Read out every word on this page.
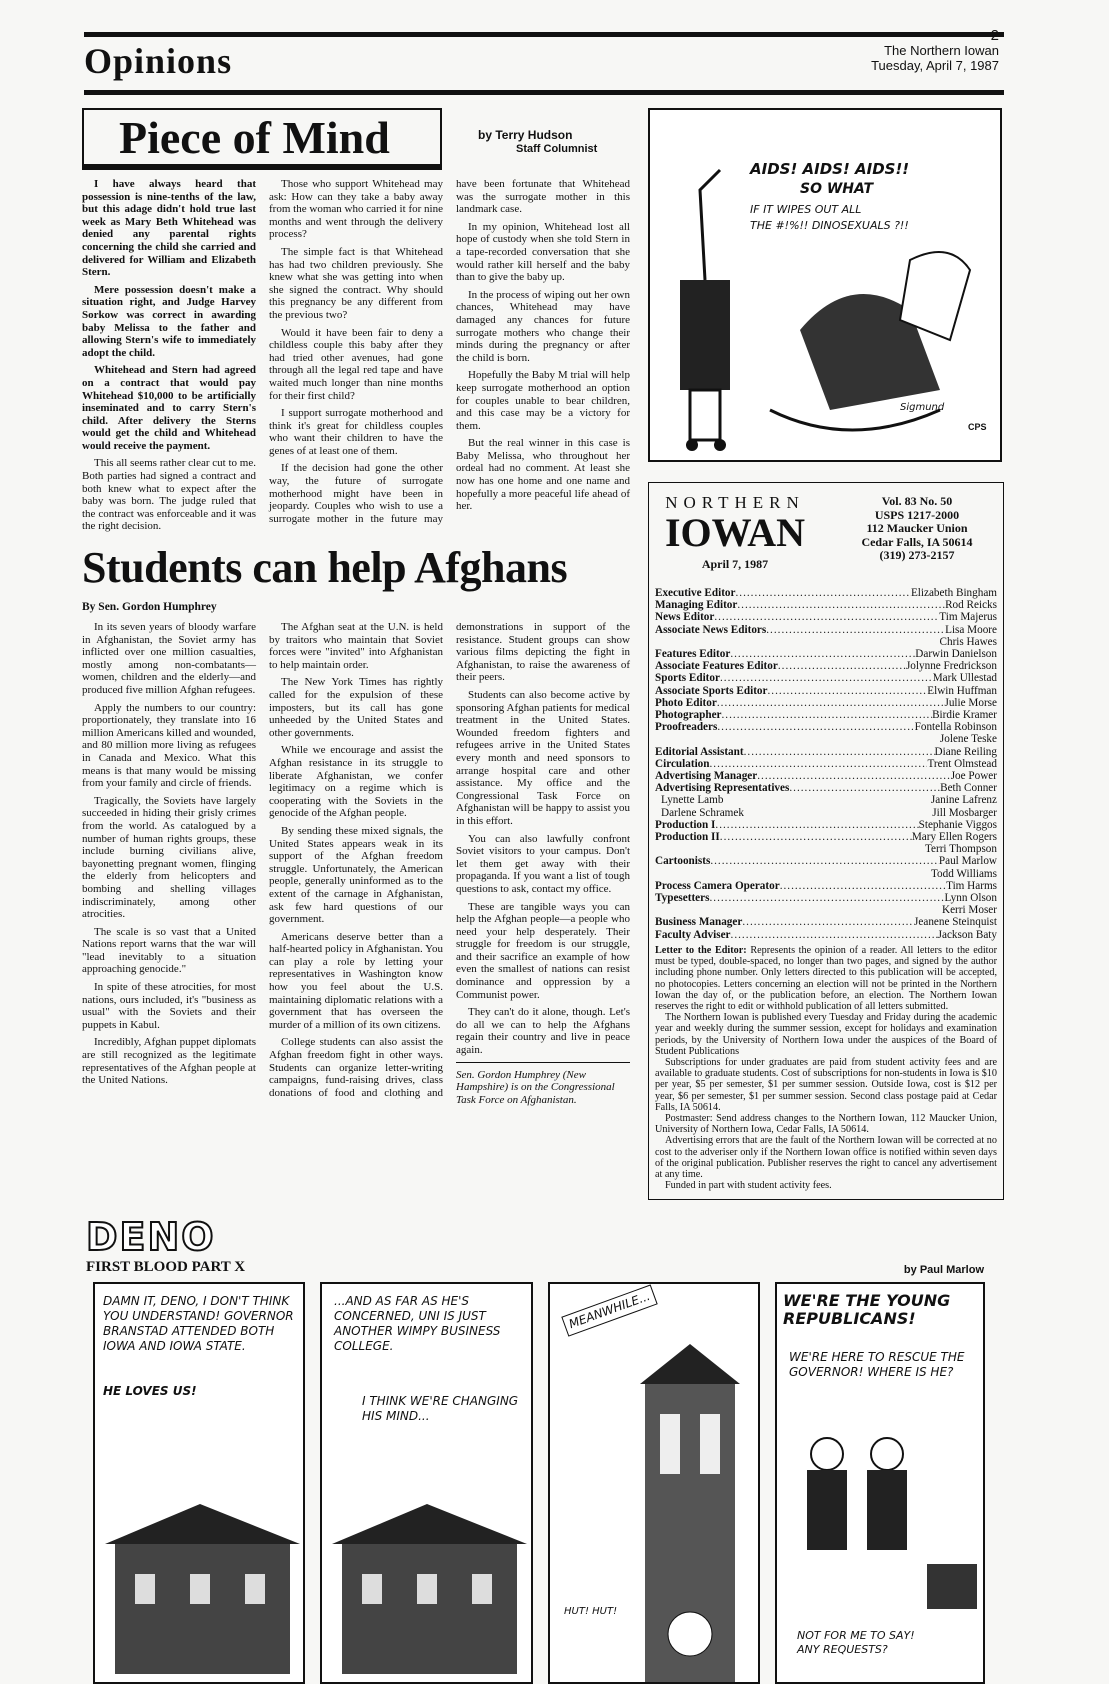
Opinions
2
The Northern Iowan
Tuesday, April 7, 1987
Piece of Mind	by Terry Hudson
Staff Columnist

I have always heard that possession is nine-tenths of the law, but this adage didn't hold true last week as Mary Beth Whitehead was denied any parental rights concerning the child she carried and delivered for William and Elizabeth Stern.

Mere possession doesn't make a situation right, and Judge Harvey Sorkow was correct in awarding baby Melissa to the father and allowing Stern's wife to immediately adopt the child.

Whitehead and Stern had agreed on a contract that would pay Whitehead $10,000 to be artificially inseminated and to carry Stern's child. After delivery the Sterns would get the child and Whitehead would receive the payment.

This all seems rather clear cut to me. Both parties had signed a contract and both knew what to expect after the baby was born. The judge ruled that the contract was enforceable and it was the right decision.

Those who support Whitehead may ask: How can they take a baby away from the woman who carried it for nine months and went through the delivery process?

The simple fact is that Whitehead has had two children previously. She knew what she was getting into when she signed the contract. Why should this pregnancy be any different from the previous two?

Would it have been fair to deny a childless couple this baby after they had tried other avenues, had gone through all the legal red tape and have waited much longer than nine months for their first child?

I support surrogate motherhood and think it's great for childless couples who want their children to have the genes of at least one of them.

If the decision had gone the other way, the future of surrogate motherhood might have been in jeopardy. Couples who wish to use a surrogate mother in the future may have been fortunate that Whitehead was the surrogate mother in this landmark case.

In my opinion, Whitehead lost all hope of custody when she told Stern in a tape-recorded conversation that she would rather kill herself and the baby than to give the baby up.

In the process of wiping out her own chances, Whitehead may have damaged any chances for future surrogate mothers who change their minds during the pregnancy or after the child is born.

Hopefully the Baby M trial will help keep surrogate motherhood an option for couples unable to bear children, and this case may be a victory for them.

But the real winner in this case is Baby Melissa, who throughout her ordeal had no comment. At least she now has one home and one name and hopefully a more peaceful life ahead of her.

Students can help Afghans
By Sen. Gordon Humphrey

In its seven years of bloody warfare in Afghanistan, the Soviet army has inflicted over one million casualties, mostly among non-combatants—women, children and the elderly—and produced five million Afghan refugees.

Apply the numbers to our country: proportionately, they translate into 16 million Americans killed and wounded, and 80 million more living as refugees in Canada and Mexico. What this means is that many would be missing from your family and circle of friends.

Tragically, the Soviets have largely succeeded in hiding their grisly crimes from the world. As catalogued by a number of human rights groups, these include burning civilians alive, bayonetting pregnant women, flinging the elderly from helicopters and bombing and shelling villages indiscriminately, among other atrocities.

The scale is so vast that a United Nations report warns that the war will "lead inevitably to a situation approaching genocide."

In spite of these atrocities, for most nations, ours included, it's "business as usual" with the Soviets and their puppets in Kabul.

Incredibly, Afghan puppet diplomats are still recognized as the legitimate representatives of the Afghan people at the United Nations.

The Afghan seat at the U.N. is held by traitors who maintain that Soviet forces were "invited" into Afghanistan to help maintain order.

The New York Times has rightly called for the expulsion of these imposters, but its call has gone unheeded by the United States and other governments.

While we encourage and assist the Afghan resistance in its struggle to liberate Afghanistan, we confer legitimacy on a regime which is cooperating with the Soviets in the genocide of the Afghan people.

By sending these mixed signals, the United States appears weak in its support of the Afghan freedom struggle. Unfortunately, the American people, generally uninformed as to the extent of the carnage in Afghanistan, ask few hard questions of our government.

Americans deserve better than a half-hearted policy in Afghanistan. You can play a role by letting your representatives in Washington know how you feel about the U.S. maintaining diplomatic relations with a government that has overseen the murder of a million of its own citizens.

College students can also assist the Afghan freedom fight in other ways. Students can organize letter-writing campaigns, fund-raising drives, class donations of food and clothing and demonstrations in support of the resistance. Student groups can show various films depicting the fight in Afghanistan, to raise the awareness of their peers.

Students can also become active by sponsoring Afghan patients for medical treatment in the United States. Wounded freedom fighters and refugees arrive in the United States every month and need sponsors to arrange hospital care and other assistance. My office and the Congressional Task Force on Afghanistan will be happy to assist you in this effort.

You can also lawfully confront Soviet visitors to your campus. Don't let them get away with their propaganda. If you want a list of tough questions to ask, contact my office.

These are tangible ways you can help the Afghan people—a people who need your help desperately. Their struggle for freedom is our struggle, and their sacrifice an example of how even the smallest of nations can resist dominance and oppression by a Communist power.

They can't do it alone, though. Let's do all we can to help the Afghans regain their country and live in peace again.

Sen. Gordon Humphrey (New Hampshire) is on the Congressional Task Force on Afghanistan.
AIDS! AIDS! AIDS!!
SO WHAT
IF IT WIPES OUT ALL
THE #!%!! DINOSEXUALS ?!!
Sigmund
CPS
NORTHERN
IOWAN
April 7, 1987
Vol. 83 No. 50
USPS 1217-2000
112 Maucker Union
Cedar Falls, IA 50614
(319) 273-2157
Executive Editor .....	Elizabeth Bingham
Managing Editor .....	Rod Reicks
News Editor .....	Tim Majerus
Associate News Editors .....	Lisa Moore
Chris Hawes
Features Editor .....	Darwin Danielson
Associate Features Editor .....	Jolynne Fredrickson
Sports Editor .....	Mark Ullestad
Associate Sports Editor .....	Elwin Huffman
Photo Editor .....	Julie Morse
Photographer .....	Birdie Kramer
Proofreaders .....	Fontella Robinson
Jolene Teske
Editorial Assistant .....	Diane Reiling
Circulation .....	Trent Olmstead
Advertising Manager .....	Joe Power
Advertising Representatives .....	Beth Conner
Lynette Lamb	Janine Lafrenz
Darlene Schramek	Jill Mosbarger
Production I .....	Stephanie Viggos
Production II .....	Mary Ellen Rogers
Terri Thompson
Cartoonists .....	Paul Marlow
Todd Williams
Process Camera Operator .....	Tim Harms
Typesetters .....	Lynn Olson
Kerri Moser
Business Manager .....	Jeanene Steinquist
Faculty Adviser .....	Jackson Baty
Letter to the Editor: Represents the opinion of a reader. All letters to the editor must be typed, double-spaced, no longer than two pages, and signed by the author including phone number. Only letters directed to this publication will be accepted, no photocopies. Letters concerning an election will not be printed in the Northern Iowan the day of, or the publication before, an election. The Northern Iowan reserves the right to edit or withhold publication of all letters submitted.

The Northern Iowan is published every Tuesday and Friday during the academic year and weekly during the summer session, except for holidays and examination periods, by the University of Northern Iowa under the auspices of the Board of Student Publications

Subscriptions for under graduates are paid from student activity fees and are available to graduate students. Cost of subscriptions for non-students in Iowa is $10 per year, $5 per semester, $1 per summer session. Outside Iowa, cost is $12 per year, $6 per semester, $1 per summer session. Second class postage paid at Cedar Falls, IA 50614.

Postmaster: Send address changes to the Northern Iowan, 112 Maucker Union, University of Northern Iowa, Cedar Falls, IA 50614.

Advertising errors that are the fault of the Northern Iowan will be corrected at no cost to the adveriser only if the Northern Iowan office is notified within seven days of the original publication. Publisher reserves the right to cancel any advertisement at any time.

Funded in part with student activity fees.

DENO
FIRST BLOOD PART X	by Paul Marlow
DAMN IT, DENO, I DON'T THINK YOU UNDERSTAND! GOVERNOR BRANSTAD ATTENDED BOTH IOWA AND IOWA STATE.
HE LOVES US!
...AND AS FAR AS HE'S CONCERNED, UNI IS JUST ANOTHER WIMPY BUSINESS COLLEGE.
I THINK WE'RE CHANGING HIS MIND...
MEANWHILE...
HUT! HUT!
WE'RE THE YOUNG REPUBLICANS!
WE'RE HERE TO RESCUE THE GOVERNOR! WHERE IS HE?
NOT FOR ME TO SAY! ANY REQUESTS?
